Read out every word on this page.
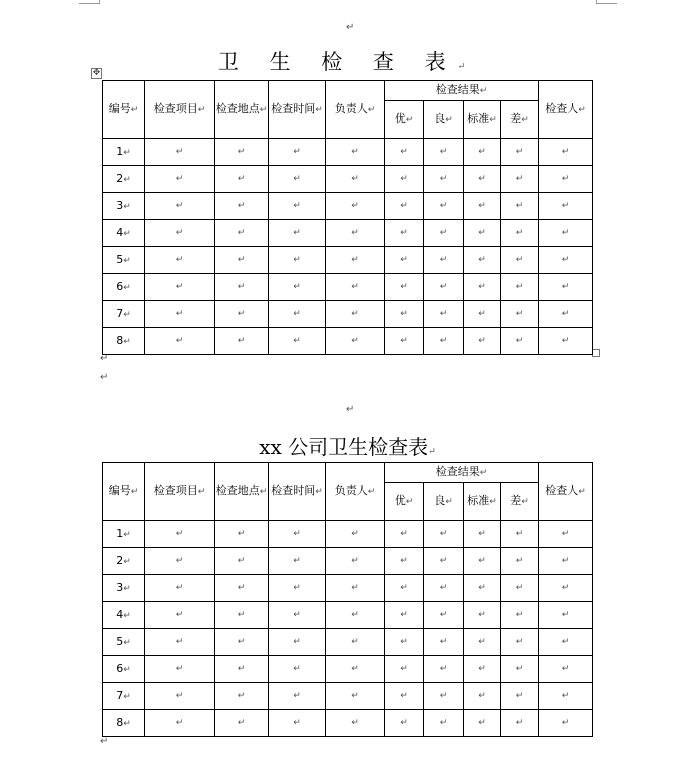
↵
卫 生 检 查 表↵
✥
编号↵	检查项目↵	检查地点↵	检查时间↵	负责人↵	检查结果↵				检查人↵
					优↵	良↵	标准↵	差↵	
1↵	↵	↵	↵	↵	↵	↵	↵	↵	↵
2↵	↵	↵	↵	↵	↵	↵	↵	↵	↵
3↵	↵	↵	↵	↵	↵	↵	↵	↵	↵
4↵	↵	↵	↵	↵	↵	↵	↵	↵	↵
5↵	↵	↵	↵	↵	↵	↵	↵	↵	↵
6↵	↵	↵	↵	↵	↵	↵	↵	↵	↵
7↵	↵	↵	↵	↵	↵	↵	↵	↵	↵
8↵	↵	↵	↵	↵	↵	↵	↵	↵	↵
↵
↵
↵
xx 公司卫生检查表↵
编号↵	检查项目↵	检查地点↵	检查时间↵	负责人↵	检查结果↵				检查人↵
					优↵	良↵	标准↵	差↵	
1↵	↵	↵	↵	↵	↵	↵	↵	↵	↵
2↵	↵	↵	↵	↵	↵	↵	↵	↵	↵
3↵	↵	↵	↵	↵	↵	↵	↵	↵	↵
4↵	↵	↵	↵	↵	↵	↵	↵	↵	↵
5↵	↵	↵	↵	↵	↵	↵	↵	↵	↵
6↵	↵	↵	↵	↵	↵	↵	↵	↵	↵
7↵	↵	↵	↵	↵	↵	↵	↵	↵	↵
8↵	↵	↵	↵	↵	↵	↵	↵	↵	↵
↵
